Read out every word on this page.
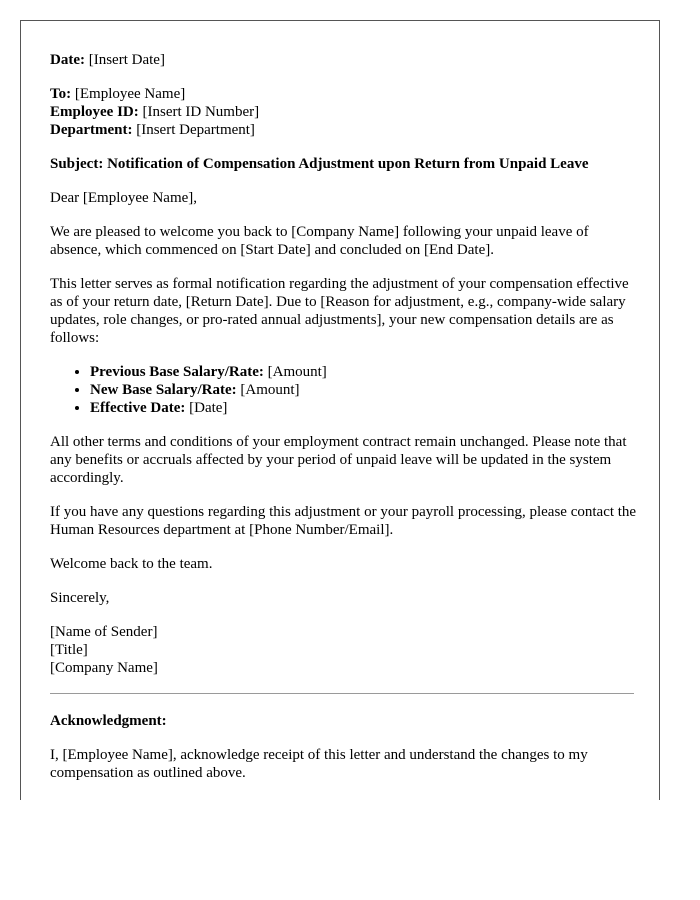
Date: [Insert Date]

To: [Employee Name]
Employee ID: [Insert ID Number]
Department: [Insert Department]

Subject: Notification of Compensation Adjustment upon Return from Unpaid Leave

Dear [Employee Name],

We are pleased to welcome you back to [Company Name] following your unpaid leave of absence, which commenced on [Start Date] and concluded on [End Date].

This letter serves as formal notification regarding the adjustment of your compensation effective as of your return date, [Return Date]. Due to [Reason for adjustment, e.g., company-wide salary updates, role changes, or pro-rated annual adjustments], your new compensation details are as follows:

• Previous Base Salary/Rate: [Amount]
• New Base Salary/Rate: [Amount]
• Effective Date: [Date]

All other terms and conditions of your employment contract remain unchanged. Please note that any benefits or accruals affected by your period of unpaid leave will be updated in the system accordingly.

If you have any questions regarding this adjustment or your payroll processing, please contact the Human Resources department at [Phone Number/Email].

Welcome back to the team.

Sincerely,

[Name of Sender]
[Title]
[Company Name]

Acknowledgment:

I, [Employee Name], acknowledge receipt of this letter and understand the changes to my compensation as outlined above.
